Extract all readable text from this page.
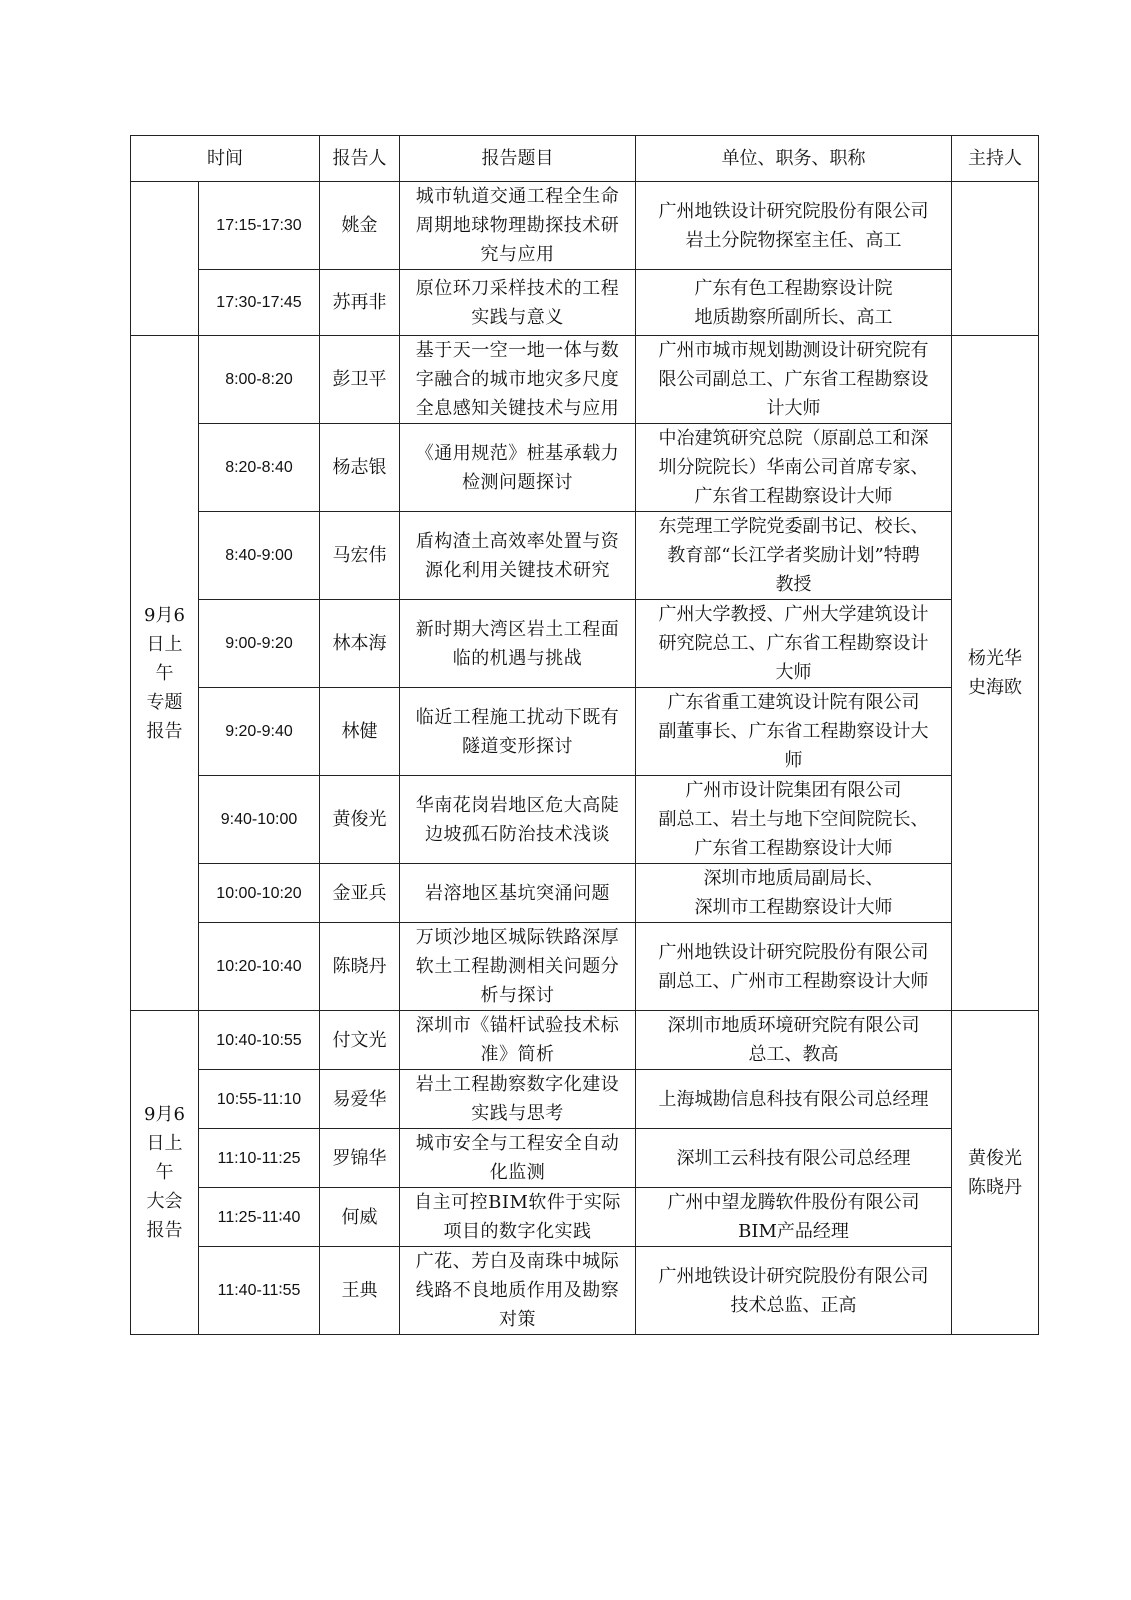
时间		报告人	报告题目	单位、职务、职称	主持人
	17:15-17:30	姚金	城市轨道交通工程全生命
周期地球物理勘探技术研
究与应用	广州地铁设计研究院股份有限公司
岩土分院物探室主任、高工	
	17:30-17:45	苏再非	原位环刀采样技术的工程
实践与意义	广东有色工程勘察设计院
地质勘察所副所长、高工	
9月6
日上
午
专题
报告	8:00-8:20	彭卫平	基于天一空一地一体与数
字融合的城市地灾多尺度
全息感知关键技术与应用	广州市城市规划勘测设计研究院有
限公司副总工、广东省工程勘察设
计大师	杨光华
史海欧
	8:20-8:40	杨志银	《通用规范》桩基承载力
检测问题探讨	中冶建筑研究总院（原副总工和深
圳分院院长）华南公司首席专家、
广东省工程勘察设计大师	
	8:40-9:00	马宏伟	盾构渣土高效率处置与资
源化利用关键技术研究	东莞理工学院党委副书记、校长、
教育部“长江学者奖励计划”特聘
教授	
	9:00-9:20	林本海	新时期大湾区岩土工程面
临的机遇与挑战	广州大学教授、广州大学建筑设计
研究院总工、广东省工程勘察设计
大师	
	9:20-9:40	林健	临近工程施工扰动下既有
隧道变形探讨	广东省重工建筑设计院有限公司
副董事长、广东省工程勘察设计大
师	
	9:40-10:00	黄俊光	华南花岗岩地区危大高陡
边坡孤石防治技术浅谈	广州市设计院集团有限公司
副总工、岩土与地下空间院院长、
广东省工程勘察设计大师	
	10:00-10:20	金亚兵	岩溶地区基坑突涌问题	深圳市地质局副局长、
深圳市工程勘察设计大师	
	10:20-10:40	陈晓丹	万顷沙地区城际铁路深厚
软土工程勘测相关问题分
析与探讨	广州地铁设计研究院股份有限公司
副总工、广州市工程勘察设计大师	
9月6
日上
午
大会
报告	10:40-10:55	付文光	深圳市《锚杆试验技术标
准》简析	深圳市地质环境研究院有限公司
总工、教高	黄俊光
陈晓丹
	10:55-11:10	易爱华	岩土工程勘察数字化建设
实践与思考	上海城勘信息科技有限公司总经理	
	11:10-11:25	罗锦华	城市安全与工程安全自动
化监测	深圳工云科技有限公司总经理	
	11:25-11∶40	何威	自主可控BIM软件于实际
项目的数字化实践	广州中望龙腾软件股份有限公司
BIM产品经理	
	11:40-11∶55	王典	广花、芳白及南珠中城际
线路不良地质作用及勘察
对策	广州地铁设计研究院股份有限公司
技术总监、正高	
